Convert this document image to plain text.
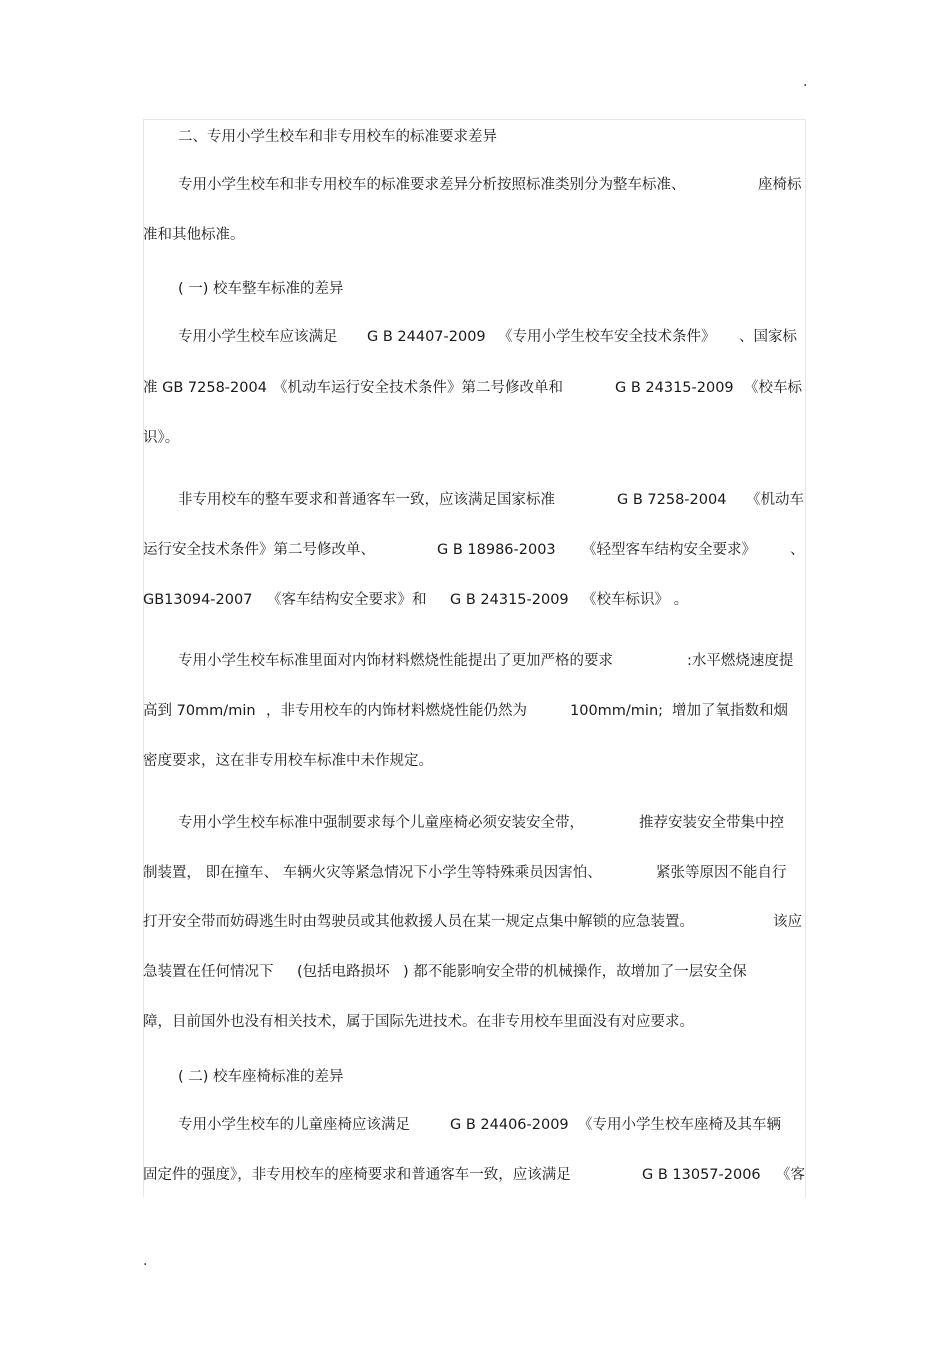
.
二、专用小学生校车和非专用校车的标准要求差异
专用小学生校车和非专用校车的标准要求差异分析按照标准类别分为整车标准、	座椅标
准和其他标准。
( 一) 校车整车标准的差异
专用小学生校车应该满足 G B 24407-2009 《专用小学生校车安全技术条件》 、国家标
准 GB 7258-2004 《机动车运行安全技术条件》第二号修改单和	G B 24315-2009 《校车标
识》。
非专用校车的整车要求和普通客车一致，应该满足国家标准	G B 7258-2004 《机动车
运行安全技术条件》第二号修改单、	G B 18986-2003 《轻型客车结构安全要求》 、
GB13094-2007 《客车结构安全要求》和 G B 24315-2009 《校车标识》 。
专用小学生校车标准里面对内饰材料燃烧性能提出了更加严格的要求	:水平燃烧速度提
高到 70mm/min ，非专用校车的内饰材料燃烧性能仍然为	100mm/min; 增加了氧指数和烟
密度要求，这在非专用校车标准中未作规定。
专用小学生校车标准中强制要求每个儿童座椅必须安装安全带，	推荐安装安全带集中控
制装置， 即在撞车、 车辆火灾等紧急情况下小学生等特殊乘员因害怕、	紧张等原因不能自行
打开安全带而妨碍逃生时由驾驶员或其他救援人员在某一规定点集中解锁的应急装置。	该应
急装置在任何情况下 (包括电路损坏 ) 都不能影响安全带的机械操作，故增加了一层安全保
障，目前国外也没有相关技术，属于国际先进技术。在非专用校车里面没有对应要求。
( 二) 校车座椅标准的差异
专用小学生校车的儿童座椅应该满足	G B 24406-2009 《专用小学生校车座椅及其车辆
固定件的强度》，非专用校车的座椅要求和普通客车一致，应该满足	G B 13057-2006 《客
.
